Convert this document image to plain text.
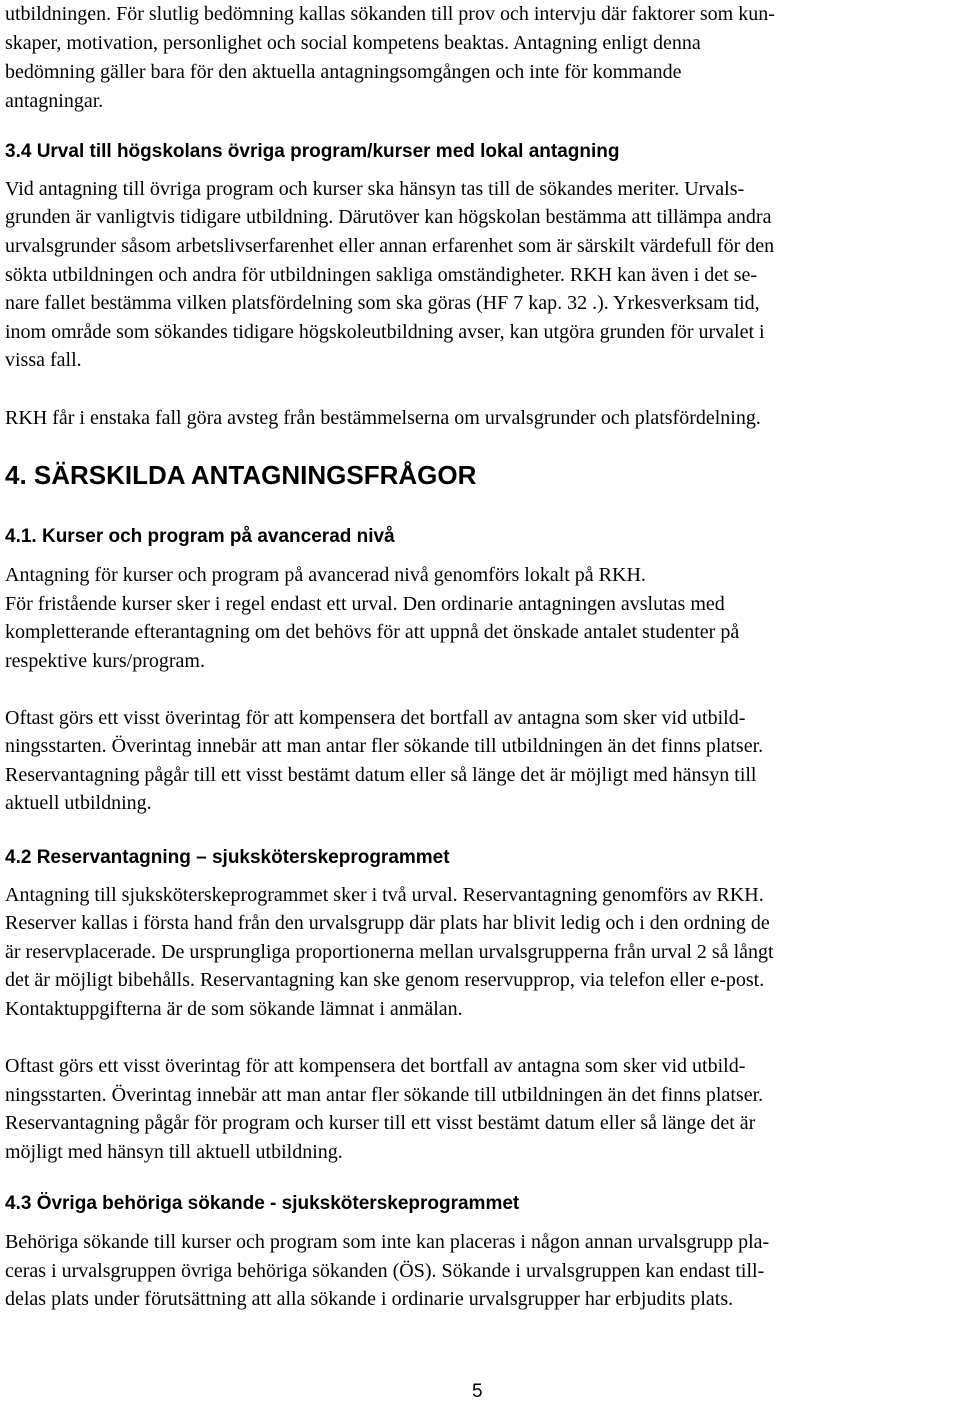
utbildningen. För slutlig bedömning kallas sökanden till prov och intervju där faktorer som kun-
skaper, motivation, personlighet och social kompetens beaktas. Antagning enligt denna
bedömning gäller bara för den aktuella antagningsomgången och inte för kommande
antagningar.
3.4 Urval till högskolans övriga program/kurser med lokal antagning
Vid antagning till övriga program och kurser ska hänsyn tas till de sökandes meriter. Urvals-
grunden är vanligtvis tidigare utbildning. Därutöver kan högskolan bestämma att tillämpa andra
urvalsgrunder såsom arbetslivserfarenhet eller annan erfarenhet som är särskilt värdefull för den
sökta utbildningen och andra för utbildningen sakliga omständigheter. RKH kan även i det se-
nare fallet bestämma vilken platsfördelning som ska göras (HF 7 kap. 32 .). Yrkesverksam tid,
inom område som sökandes tidigare högskoleutbildning avser, kan utgöra grunden för urvalet i
vissa fall.
RKH får i enstaka fall göra avsteg från bestämmelserna om urvalsgrunder och platsfördelning.
4. SÄRSKILDA ANTAGNINGSFRÅGOR
4.1. Kurser och program på avancerad nivå
Antagning för kurser och program på avancerad nivå genomförs lokalt på RKH.
För fristående kurser sker i regel endast ett urval. Den ordinarie antagningen avslutas med
kompletterande efterantagning om det behövs för att uppnå det önskade antalet studenter på
respektive kurs/program.
Oftast görs ett visst överintag för att kompensera det bortfall av antagna som sker vid utbild-
ningsstarten. Överintag innebär att man antar fler sökande till utbildningen än det finns platser.
Reservantagning pågår till ett visst bestämt datum eller så länge det är möjligt med hänsyn till
aktuell utbildning.
4.2 Reservantagning – sjuksköterskeprogrammet
Antagning till sjuksköterskeprogrammet sker i två urval. Reservantagning genomförs av RKH.
Reserver kallas i första hand från den urvalsgrupp där plats har blivit ledig och i den ordning de
är reservplacerade. De ursprungliga proportionerna mellan urvalsgrupperna från urval 2 så långt
det är möjligt bibehålls. Reservantagning kan ske genom reservupprop, via telefon eller e-post.
Kontaktuppgifterna är de som sökande lämnat i anmälan.
Oftast görs ett visst överintag för att kompensera det bortfall av antagna som sker vid utbild-
ningsstarten. Överintag innebär att man antar fler sökande till utbildningen än det finns platser.
Reservantagning pågår för program och kurser till ett visst bestämt datum eller så länge det är
möjligt med hänsyn till aktuell utbildning.
4.3 Övriga behöriga sökande - sjuksköterskeprogrammet
Behöriga sökande till kurser och program som inte kan placeras i någon annan urvalsgrupp pla-
ceras i urvalsgruppen övriga behöriga sökanden (ÖS). Sökande i urvalsgruppen kan endast till-
delas plats under förutsättning att alla sökande i ordinarie urvalsgrupper har erbjudits plats.
5
